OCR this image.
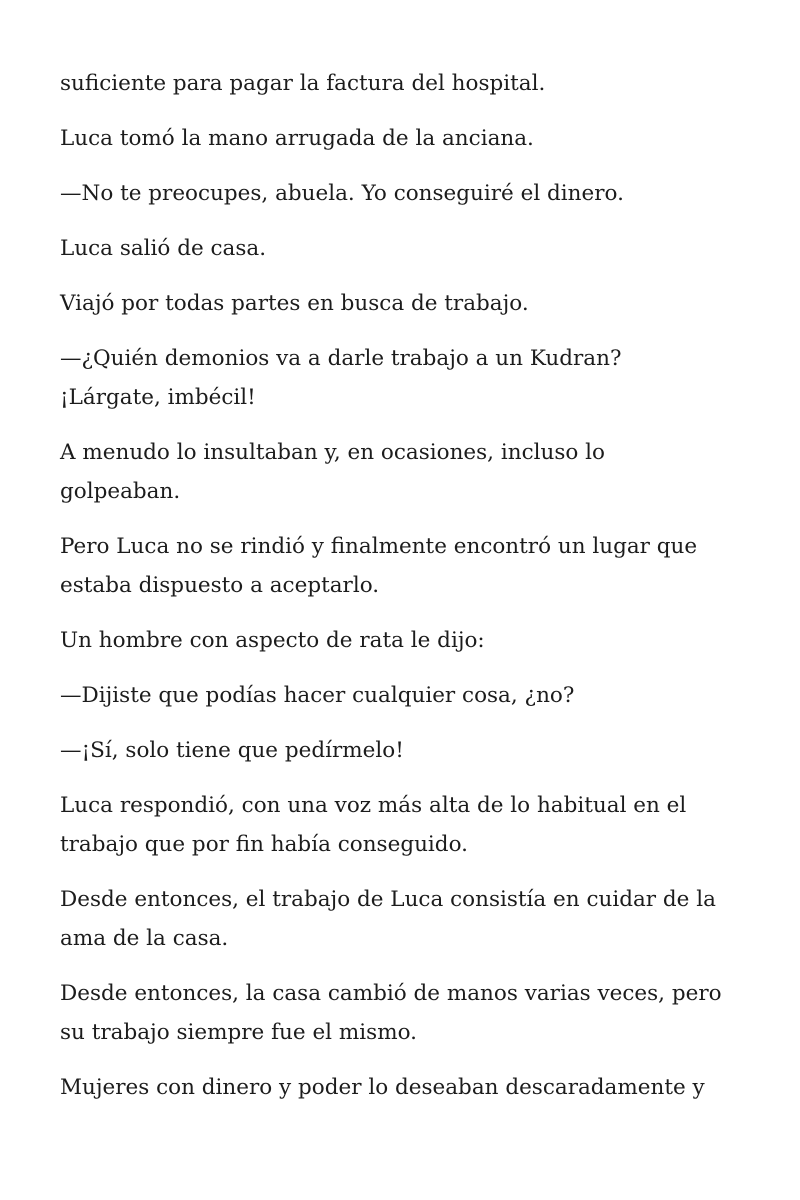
suficiente para pagar la factura del hospital.

Luca tomó la mano arrugada de la anciana.

—No te preocupes, abuela. Yo conseguiré el dinero.

Luca salió de casa.

Viajó por todas partes en busca de trabajo.

—¿Quién demonios va a darle trabajo a un Kudran?
¡Lárgate, imbécil!

A menudo lo insultaban y, en ocasiones, incluso lo
golpeaban.

Pero Luca no se rindió y finalmente encontró un lugar que
estaba dispuesto a aceptarlo.

Un hombre con aspecto de rata le dijo:

—Dijiste que podías hacer cualquier cosa, ¿no?

—¡Sí, solo tiene que pedírmelo!

Luca respondió, con una voz más alta de lo habitual en el
trabajo que por fin había conseguido.

Desde entonces, el trabajo de Luca consistía en cuidar de la
ama de la casa.

Desde entonces, la casa cambió de manos varias veces, pero
su trabajo siempre fue el mismo.

Mujeres con dinero y poder lo deseaban descaradamente y
